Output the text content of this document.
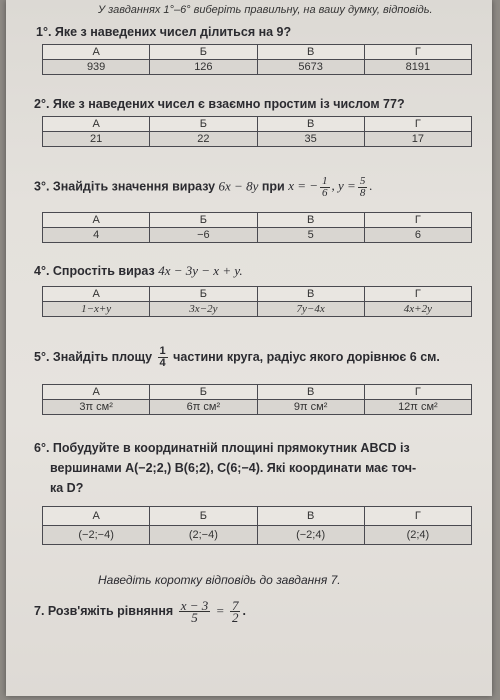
У завданнях 1°–6° виберіть правильну, на вашу думку, відповідь.
1°. Яке з наведених чисел ділиться на 9?
А	Б	В	Г
939	126	5673	8191
2°. Яке з наведених чисел є взаємно простим із числом 77?
А	Б	В	Г
21	22	35	17
3°. Знайдіть значення виразу 6x − 8y при x = − $\frac{1}{6}$ , $y = \frac{5}{8}$ .
А	Б	В	Г
4	−6	5	6
4°. Спростіть вираз 4x − 3y − x + y.
А	Б	В	Г
1−x+y	3x−2y	7y−4x	4x+2y
5°. Знайдіть площу $\frac{1}{4}$ частини круга, радіус якого дорівнює 6 см.
А	Б	В	Г
3π см²	6π см²	9π см²	12π см²
6°. Побудуйте в координатній площині прямокутник ABCD із
вершинами A(−2;2,) B(6;2), C(6;−4). Які координати має точ-
ка D?
А	Б	В	Г
(−2;−4)	(2;−4)	(−2;4)	(2;4)
Наведіть коротку відповідь до завдання 7.
7. Розв'яжіть рівняння $\frac{x - 3}{5} = \frac{7}{2}$ .
